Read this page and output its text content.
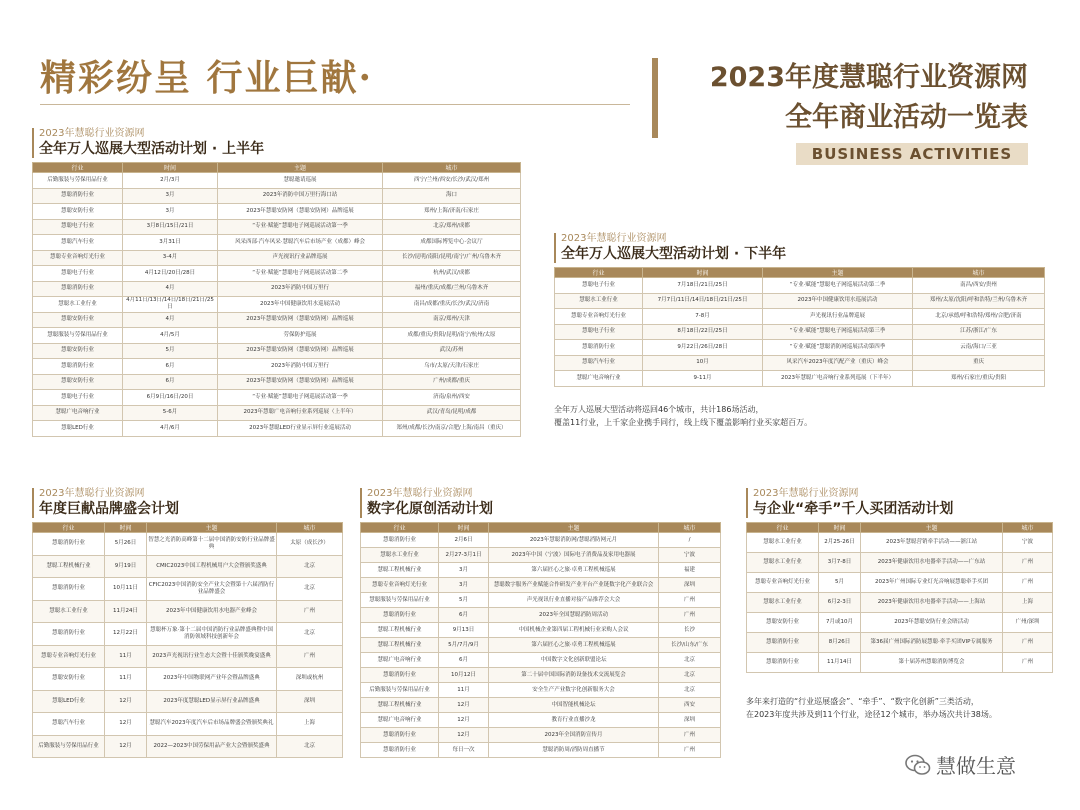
精彩纷呈 行业巨献·	2023年度慧聪行业资源网
全年商业活动一览表
BUSINESS ACTIVITIES
2023年慧聪行业资源网
全年万人巡展大型活动计划 · 上半年
行业	时间	主题	城市
后勤服装与劳保用品行业	2月/3月	慧聪邀请巡展	西宁/兰州/西安/长沙/武汉/郑州
慧聪消防行业	3月	2023年消防中国万里行海口站	海口
慧聪安防行业	3月	2023年慧聪安防网（慧聪安防网）品牌巡展	郑州/上海/济南/石家庄
慧聪电子行业	3月8日/15日/21日	“专业·赋能”慧聪电子网巡展活动第一季	北京/郑州/成都
慧聪汽车行业	3月31日	风采西部·汽车风采·慧聪汽车后市场产业（成都）峰会	成都国际博览中心·会议厅
慧聪专业音响灯光行业	3-4月	声光视讯行业品牌巡展	长沙/昆明/南阳/昆明/南宁/广州/乌鲁木齐
慧聪电子行业	4月12日/20日/28日	“专业·赋能”慧聪电子网巡展活动第二季	杭州/武汉/成都
慧聪消防行业	4月	2023年消防中国万里行	福州/重庆/成都/兰州/乌鲁木齐
慧聪水工业行业	4月11日/13日/14日/18日/21日/25日	2023年中国健康饮用水巡展活动	南昌/成都/重庆/长沙/武汉/济南
慧聪安防行业	4月	2023年慧聪安防网（慧聪安防网）品牌巡展	南京/郑州/天津
慧聪服装与劳保用品行业	4月/5月	劳保防护巡展	成都/重庆/贵阳/昆明/南宁/杭州/太原
慧聪安防行业	5月	2023年慧聪安防网（慧聪安防网）品牌巡展	武汉/苏州
慧聪消防行业	6月	2023年消防中国万里行	乌市/太原/天津/石家庄
慧聪安防行业	6月	2023年慧聪安防网（慧聪安防网）品牌巡展	广州/成都/重庆
慧聪电子行业	6月9日/16日/20日	“专业·赋能”慧聪电子网巡展活动第一季	济南/泉州/西安
慧聪广电音响行业	5-6月	2023年慧聪广电音响行业系列巡展（上半年）	武汉/青岛/昆明/成都
慧聪LED行业	4月/6月	2023年慧聪LED行业显示屏行业巡展活动	郑州/成都/长沙/南京/合肥/上海/南昌（重庆）
2023年慧聪行业资源网
全年万人巡展大型活动计划 · 下半年
行业	时间	主题	城市
慧聪电子行业	7月18日/21日/25日	“专业·赋能”慧聪电子网巡展活动第二季	南昌/西安/贵州
慧聪水工业行业	7月7日/11日/14日/18日/21日/25日	2023年中国健康饮用水巡展活动	郑州/太原/沈阳/呼和浩特/兰州/乌鲁木齐
慧聪专业音响灯光行业	7-8月	声光视讯行业品牌巡展	北京/承德/呼和浩特/郑州/合肥/济南
慧聪电子行业	8月18日/22日/25日	“专业·赋能”慧聪电子网巡展活动第三季	江苏/浙江/广东
慧聪消防行业	9月22日/26日/28日	“专业·赋能”慧聪消防网巡展活动第四季	云南/海口/三亚
慧聪汽车行业	10月	风采汽车2023年度汽配产业（重庆）峰会	重庆
慧聪广电音响行业	9-11月	2023年慧聪广电音响行业系列巡展（下半年）	郑州/石家庄/重庆/贵阳
全年万人巡展大型活动将巡回46个城市，共计186场活动，
覆盖11行业，上千家企业携手同行，线上线下覆盖影响行业买家超百万。
2023年慧聪行业资源网
年度巨献品牌盛会计划
行业	时间	主题	城市
慧聪消防行业	5月26日	智慧之光消防高峰第十二届中国消防安防行业品牌盛典	太原（成长沙）
慧聪工程机械行业	9月19日	CMIC2023中国工程机械用户大会暨颁奖盛典	北京
慧聪消防行业	10月11日	CFIC2023中国消防安全产业大会暨第十六届消防行业品牌盛会	北京
慧聪水工业行业	11月24日	2023年中国健康饮用水电器产业峰会	广州
慧聪消防行业	12月22日	慧聪杯万象·第十二届中国消防行业品牌盛典暨中国消防领域科技创新年会	北京
慧聪专业音响灯光行业	11月	2023声光视讯行业生态大会暨十佳颁奖晚宴盛典	广州
慧聪安防行业	11月	2023年中国物联网产业年会暨品牌盛典	深圳或杭州
慧聪LED行业	12月	2023年度慧聪LED显示屏行业品牌盛典	深圳
慧聪汽车行业	12月	慧聪汽车2023年度汽车后市场品牌盛会暨颁奖典礼	上海
后勤服装与劳保用品行业	12月	2022—2023中国劳保用品产业大会暨颁奖盛典	北京
2023年慧聪行业资源网
数字化原创活动计划
行业	时间	主题	城市
慧聪消防行业	2月6日	2023年慧聪消防网/慧聪消防网元月	/
慧聪水工业行业	2月27-3月1日	2023年中国（宁波）国际电子消费品及家用电器展	宁波
慧聪工程机械行业	3月	第六届匠心之旅·卓勇工程机械巡展	福建
慧聪专业音响灯光行业	3月	慧聪数字服务产业赋能合作研发产业平台产业链数字化产业联合会	深圳
慧聪服装与劳保用品行业	5月	声光视讯行业直播对接产品推荐会大会	广州
慧聪消防行业	6月	2023年全国慧聪消防周活动	广州
慧聪工程机械行业	9月13日	中国机械企业第四届工程机械行业采购人会议	长沙
慧聪工程机械行业	5月/7月/9月	第六届匠心之旅·卓勇工程机械巡展	长沙/山东/广东
慧聪广电音响行业	6月	中国数字文化创新联盟论坛	北京
慧聪消防行业	10月12日	第二十届中国国际消防设备技术交流展览会	北京
后勤服装与劳保用品行业	11月	安全生产产业数字化创新服务大会	北京
慧聪工程机械行业	12月	中国智能机械论坛	西安
慧聪广电音响行业	12月	教育行业直播沙龙	深圳
慧聪消防行业	12月	2023年全国消防宣传月	广州
慧聪消防行业	每日一次	慧聪消防周/消防周直播节	广州
2023年慧聪行业资源网
与企业“牵手”千人买团活动计划
行业	时间	主题	城市
慧聪水工业行业	2月25-26日	2023年慧聪营销牵手活动——浙江站	宁波
慧聪水工业行业	3月7-8日	2023年健康饮用水电器牵手活动——广东站	广州
慧聪专业音响灯光行业	5月	2023年广州国际专业灯光音响展慧聪牵手买团	广州
慧聪水工业行业	6月2-3日	2023年健康饮用水电器牵手活动——上海站	上海
慧聪安防行业	7月或10月	2023年慧聪安防行业会晤活动	广州/深圳
慧聪消防行业	8月26日	第36届广州国际消防展慧聪·牵手买团VIP专属服务	广州
慧聪消防行业	11月14日	第十届苏州慧聪消防博览会	广州
多年来打造的“行业巡展盛会”、“牵手”、“数字化创新”三类活动，
在2023年度共涉及到11个行业，途径12个城市，举办场次共计38场。
慧做生意
